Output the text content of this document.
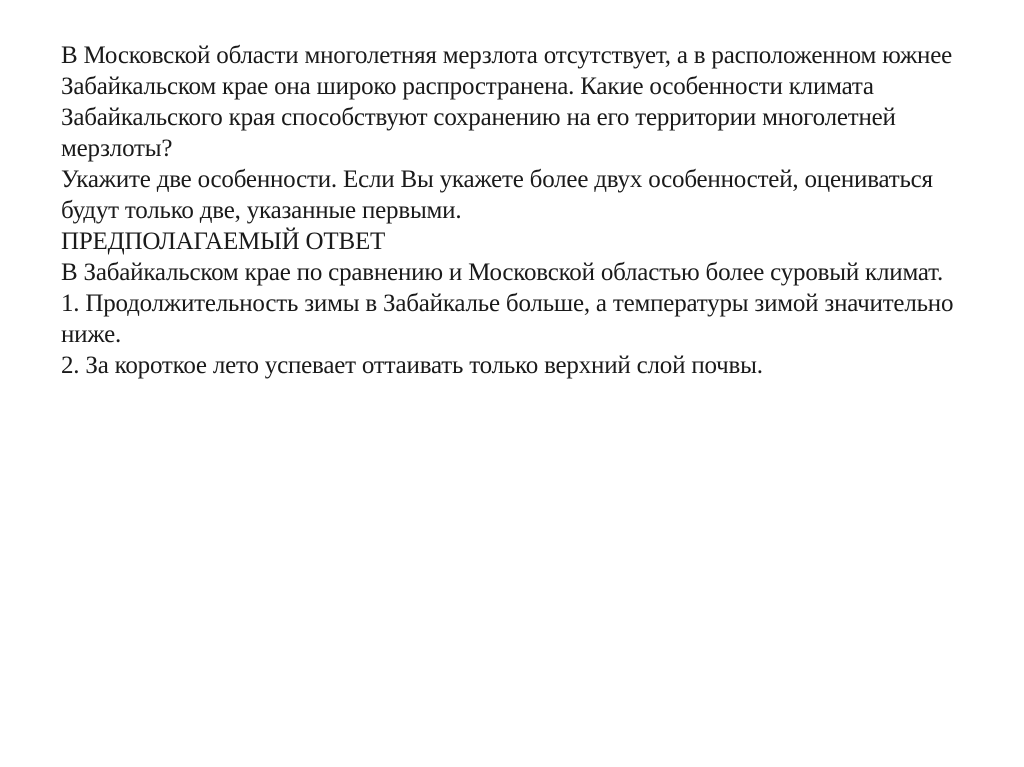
В Московской области многолетняя мерзлота отсутствует, а в расположенном южнее Забайкальском крае она широко распространена. Какие особенности климата Забайкальского края способствуют сохранению на его территории многолетней мерзлоты?

Укажите две особенности. Если Вы укажете более двух особенностей, оцениваться будут только две, указанные первыми.

ПРЕДПОЛАГАЕМЫЙ ОТВЕТ

В Забайкальском крае по сравнению и Московской областью более суровый климат.

1. Продолжительность зимы в Забайкалье больше, а температуры зимой значительно ниже.

2. За короткое лето успевает оттаивать только верхний слой почвы.
